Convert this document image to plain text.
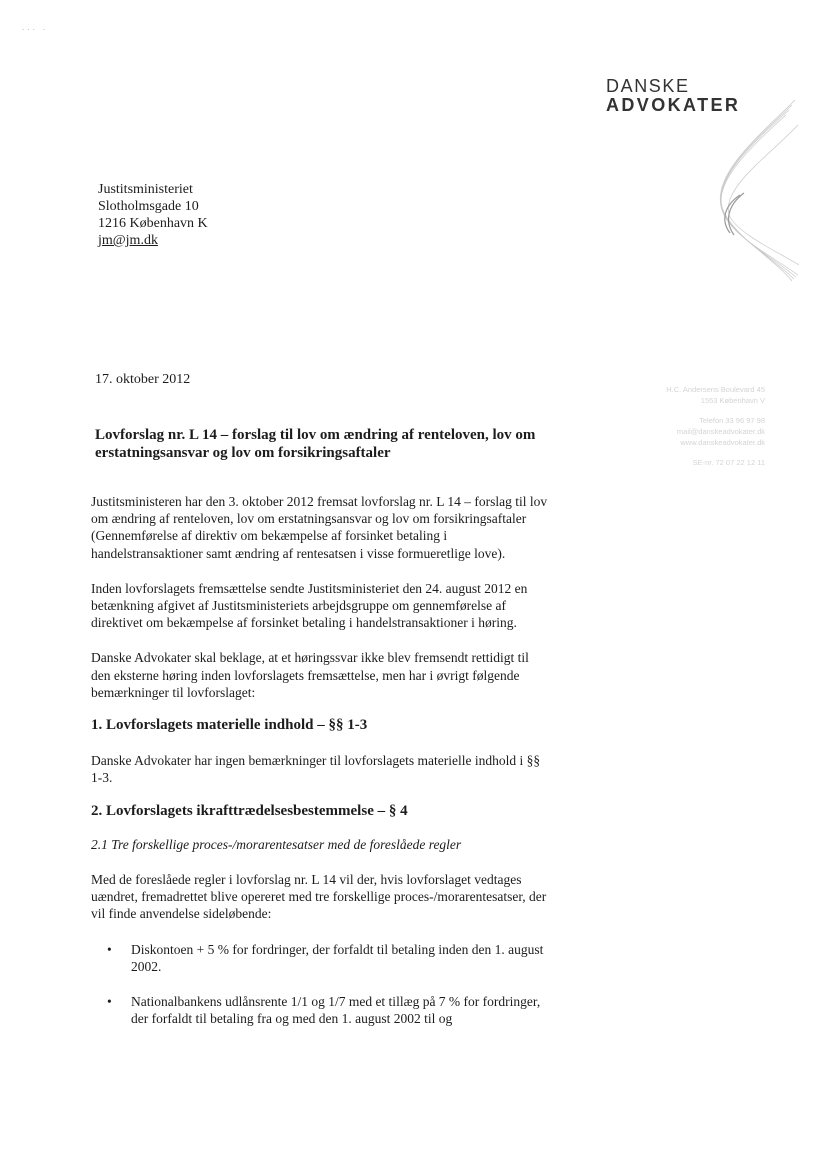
··· ·
DANSKE
ADVOKATER
Justitsministeriet
Slotholmsgade 10
1216 København K
jm@jm.dk
H.C. Andersens Boulevard 45
1553 København V
Telefon 33 96 97 98
mail@danskeadvokater.dk
www.danskeadvokater.dk
SE-nr. 72 07 22 12 11
17. oktober 2012
Lovforslag nr. L 14 – forslag til lov om ændring af renteloven, lov om erstatningsansvar og lov om forsikringsaftaler

Justitsministeren har den 3. oktober 2012 fremsat lovforslag nr. L 14 – forslag til lov om ændring af renteloven, lov om erstatningsansvar og lov om forsikringsaftaler (Gennemførelse af direktiv om bekæmpelse af forsinket betaling i handelstransaktioner samt ændring af rentesatsen i visse formueretlige love).

Inden lovforslagets fremsættelse sendte Justitsministeriet den 24. august 2012 en betænkning afgivet af Justitsministeriets arbejdsgruppe om gennemførelse af direktivet om bekæmpelse af forsinket betaling i handelstransaktioner i høring.

Danske Advokater skal beklage, at et høringssvar ikke blev fremsendt rettidigt til den eksterne høring inden lovforslagets fremsættelse, men har i øvrigt følgende bemærkninger til lovforslaget:

1. Lovforslagets materielle indhold – §§ 1-3

Danske Advokater har ingen bemærkninger til lovforslagets materielle indhold i §§ 1-3.

2. Lovforslagets ikrafttrædelsesbestemmelse – § 4

2.1 Tre forskellige proces-/morarentesatser med de foreslåede regler

Med de foreslåede regler i lovforslag nr. L 14 vil der, hvis lovforslaget vedtages uændret, fremadrettet blive opereret med tre forskellige proces-/morarentesatser, der vil finde anvendelse sideløbende:

• Diskontoen + 5 % for fordringer, der forfaldt til betaling inden den 1. august 2002.
• Nationalbankens udlånsrente 1/1 og 1/7 med et tillæg på 7 % for fordringer, der forfaldt til betaling fra og med den 1. august 2002 til og
